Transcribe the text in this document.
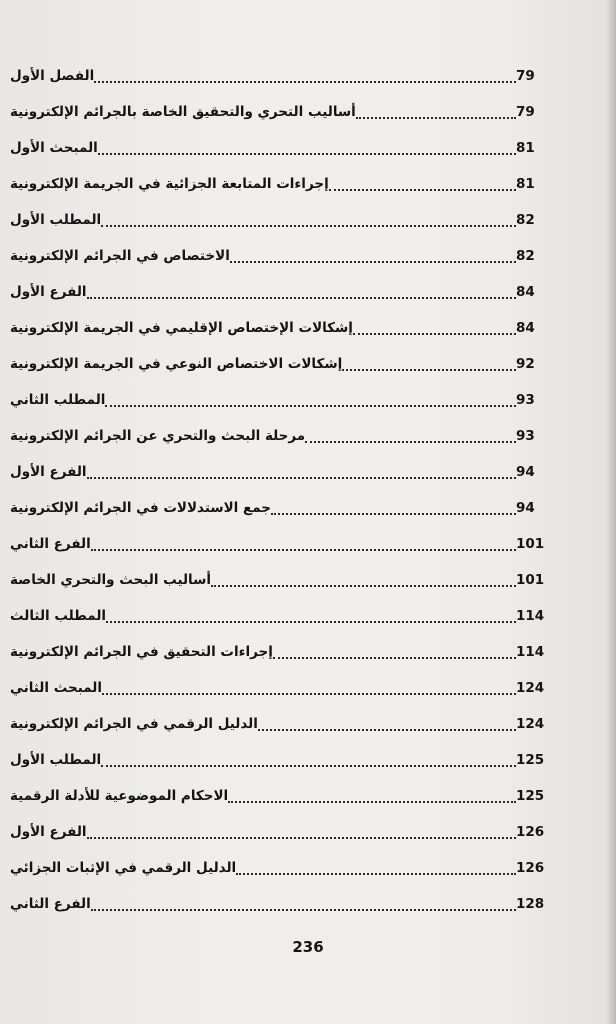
الفصل الأول	79
أساليب التحري والتحقيق الخاصة بالجرائم الإلكترونية	79
المبحث الأول	81
إجراءات المتابعة الجزائية في الجريمة الإلكترونية	81
المطلب الأول	82
الاختصاص في الجرائم الإلكترونية	82
الفرع الأول	84
إشكالات الإختصاص الإقليمي في الجريمة الإلكترونية	84
إشكالات الاختصاص النوعي في الجريمة الإلكترونية	92
المطلب الثاني	93
مرحلة البحث والتحري عن الجرائم الإلكترونية	93
الفرع الأول	94
جمع الاستدلالات في الجرائم الإلكترونية	94
الفرع الثاني	101
أساليب البحث والتحري الخاصة	101
المطلب الثالث	114
إجراءات التحقيق في الجرائم الإلكترونية	114
المبحث الثاني	124
الدليل الرقمي في الجرائم الإلكترونية	124
المطلب الأول	125
الاحكام الموضوعية للأدلة الرقمية	125
الفرع الأول	126
الدليل الرقمي في الإثبات الجزائي	126
الفرع الثاني	128
236
